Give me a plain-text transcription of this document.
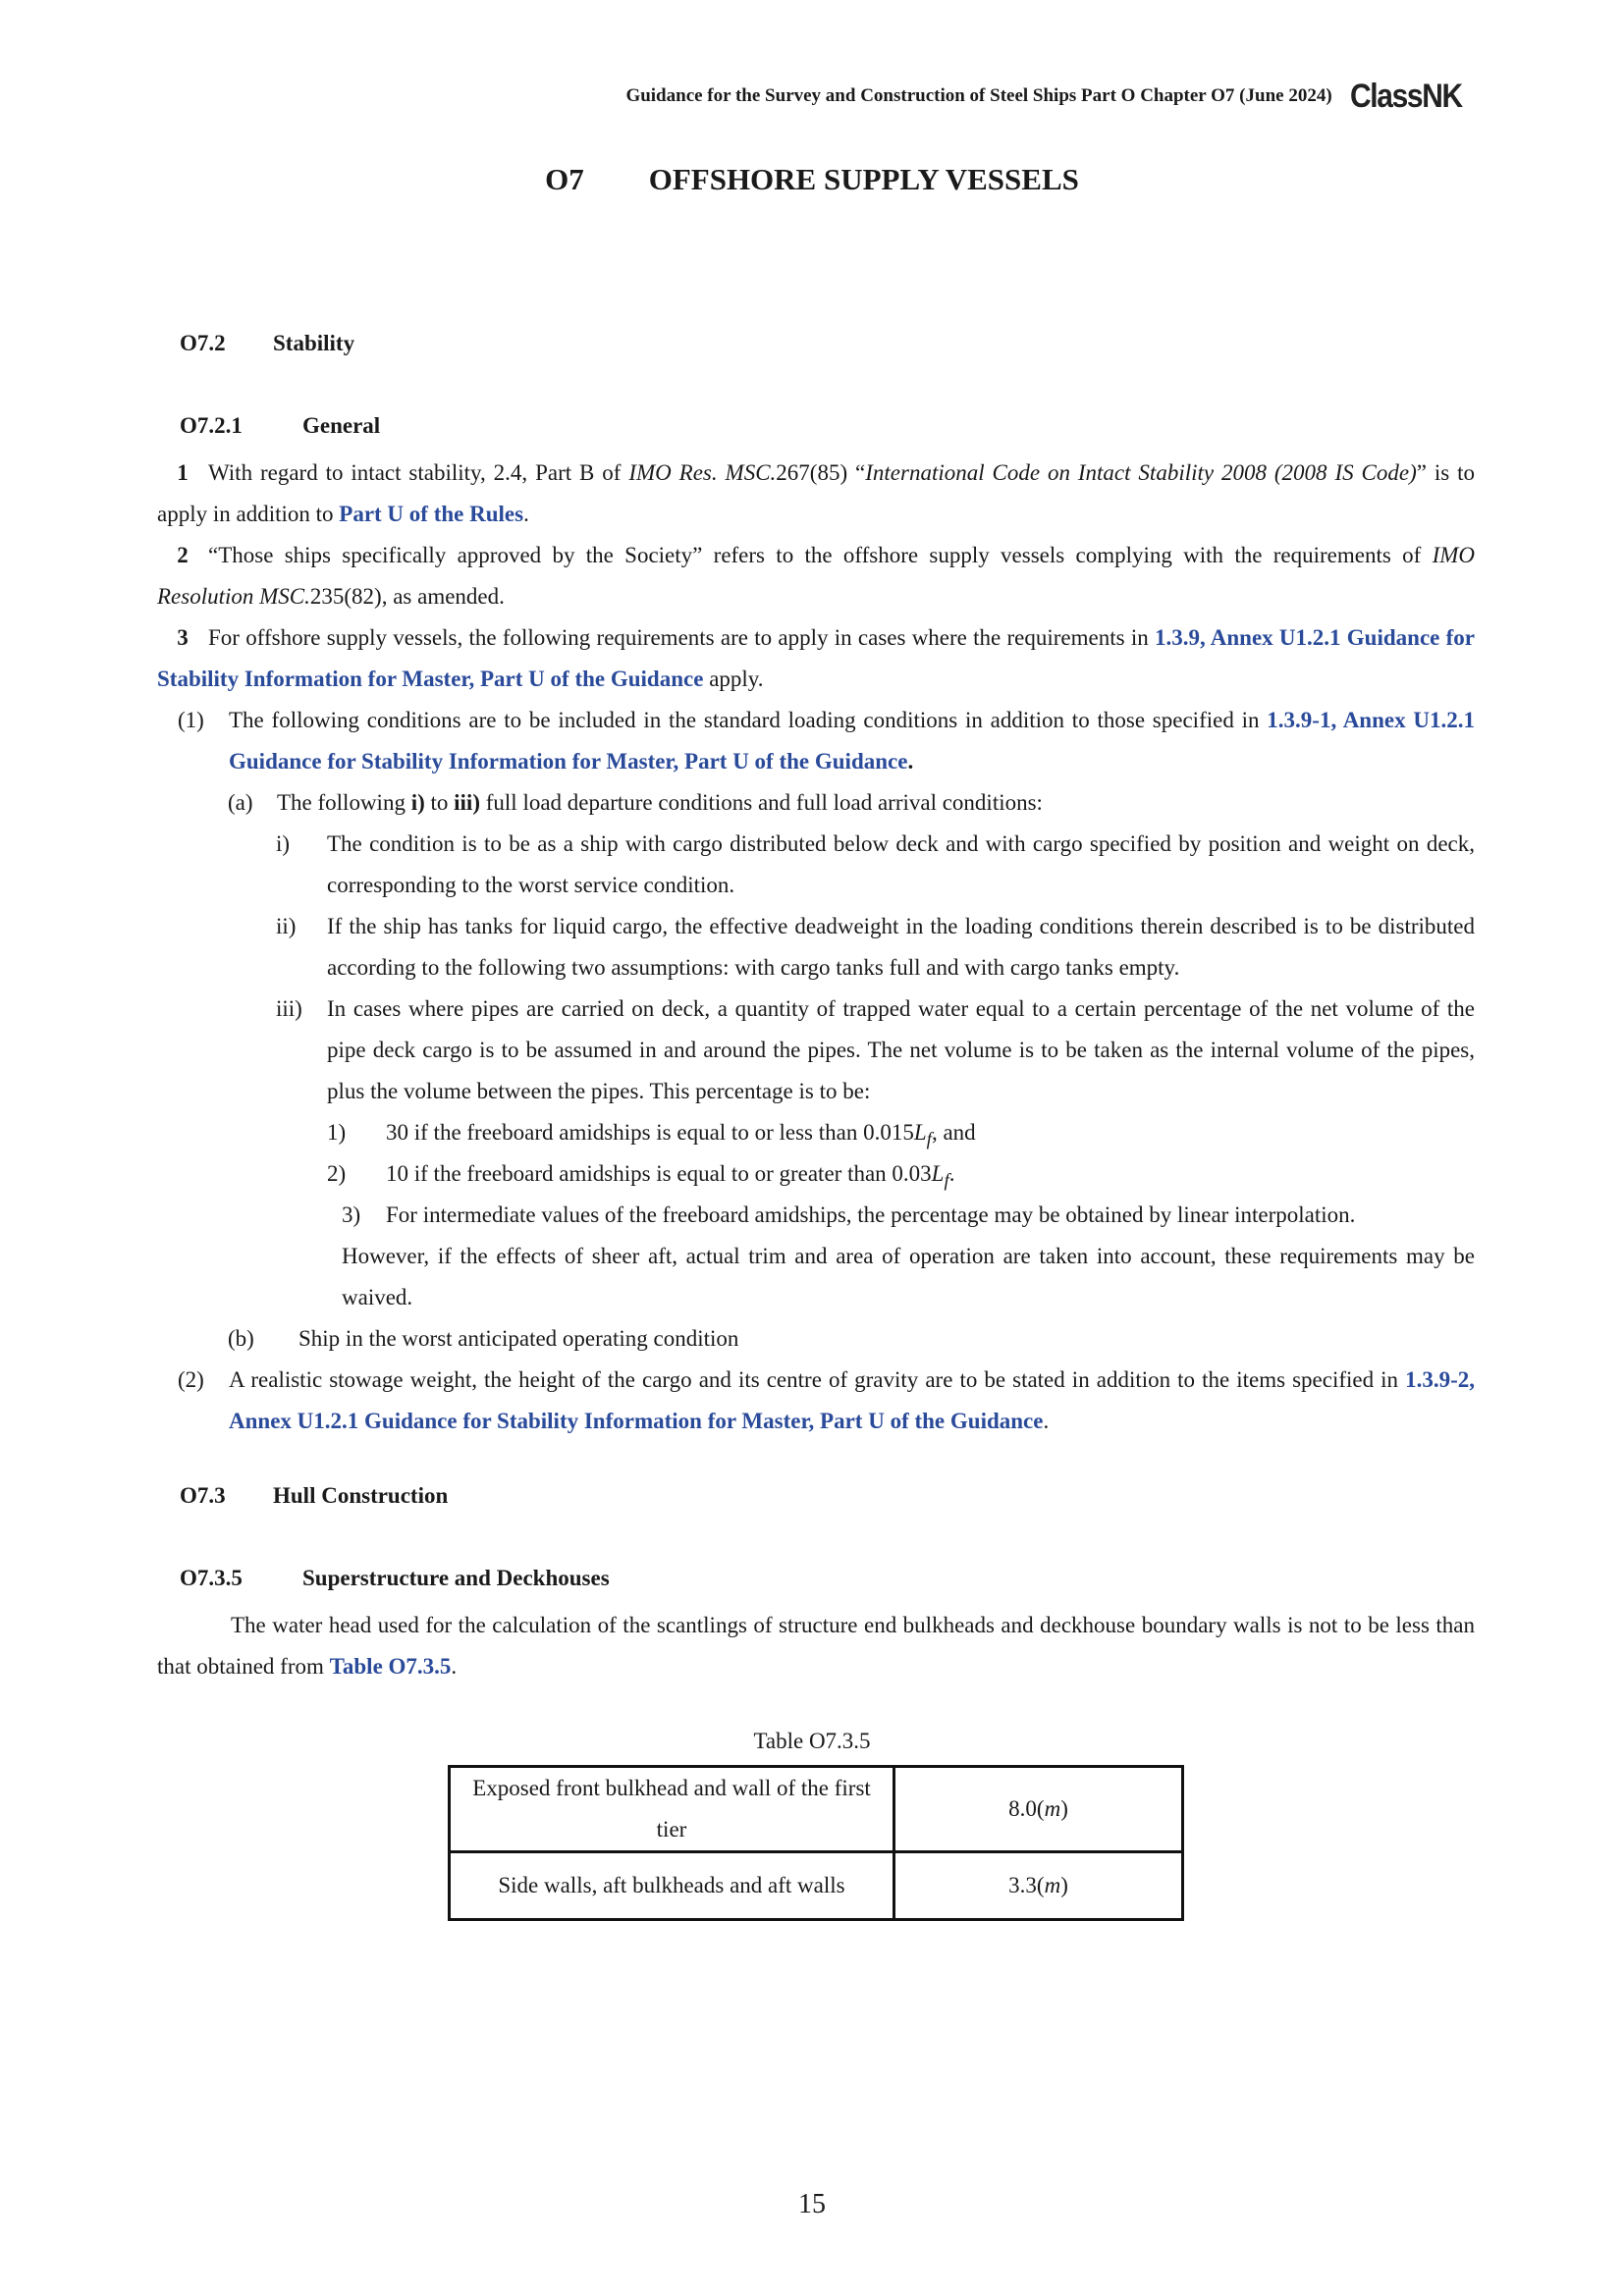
Guidance for the Survey and Construction of Steel Ships Part O Chapter O7 (June 2024) ClassNK
O7 OFFSHORE SUPPLY VESSELS
O7.2 Stability
O7.2.1	General
1 With regard to intact stability, 2.4, Part B of IMO Res. MSC.267(85) “International Code on Intact Stability 2008 (2008 IS Code)” is to apply in addition to Part U of the Rules.
2 “Those ships specifically approved by the Society” refers to the offshore supply vessels complying with the requirements of IMO Resolution MSC.235(82), as amended.
3 For offshore supply vessels, the following requirements are to apply in cases where the requirements in 1.3.9, Annex U1.2.1 Guidance for Stability Information for Master, Part U of the Guidance apply.
(1) The following conditions are to be included in the standard loading conditions in addition to those specified in 1.3.9-1, Annex U1.2.1 Guidance for Stability Information for Master, Part U of the Guidance.
(a) The following i) to iii) full load departure conditions and full load arrival conditions:
i) The condition is to be as a ship with cargo distributed below deck and with cargo specified by position and weight on deck, corresponding to the worst service condition.
ii) If the ship has tanks for liquid cargo, the effective deadweight in the loading conditions therein described is to be distributed according to the following two assumptions: with cargo tanks full and with cargo tanks empty.
iii) In cases where pipes are carried on deck, a quantity of trapped water equal to a certain percentage of the net volume of the pipe deck cargo is to be assumed in and around the pipes. The net volume is to be taken as the internal volume of the pipes, plus the volume between the pipes. This percentage is to be:
1) 30 if the freeboard amidships is equal to or less than $0.015L_f$, and
2) 10 if the freeboard amidships is equal to or greater than $0.03L_f$.
3) For intermediate values of the freeboard amidships, the percentage may be obtained by linear interpolation.
However, if the effects of sheer aft, actual trim and area of operation are taken into account, these requirements may be waived.
(b) Ship in the worst anticipated operating condition
(2) A realistic stowage weight, the height of the cargo and its centre of gravity are to be stated in addition to the items specified in 1.3.9-2, Annex U1.2.1 Guidance for Stability Information for Master, Part U of the Guidance.
O7.3 Hull Construction
O7.3.5	Superstructure and Deckhouses
The water head used for the calculation of the scantlings of structure end bulkheads and deckhouse boundary walls is not to be less than that obtained from Table O7.3.5.
Table O7.3.5
Exposed front bulkhead and wall of the first tier	8.0(m)
Side walls, aft bulkheads and aft walls	3.3(m)
15
